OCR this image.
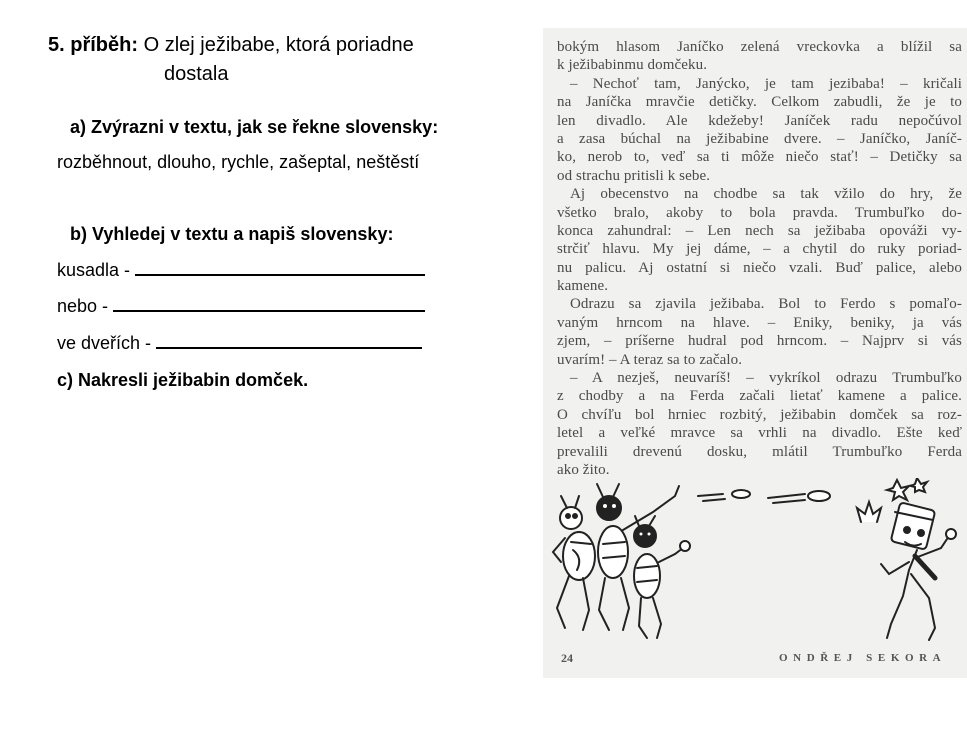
5. příběh: O zlej ježibabe, ktorá poriadne
dostala
a) Zvýrazni v textu, jak se řekne slovensky:
rozběhnout, dlouho, rychle, zašeptal, neštěstí
b) Vyhledej v textu a napiš slovensky:
kusadla -
nebo -
ve dveřích -
c) Nakresli ježibabin domček.
bokým hlasom Janíčko zelená vreckovka a blížil sa
k ježibabinmu domčeku.
– Nechoť tam, Janýcko, je tam jezibaba! – kričali
na Janíčka mravčie detičky. Celkom zabudli, že je to
len divadlo. Ale kdežeby! Janíček radu nepočúvol
a zasa búchal na ježibabine dvere. – Janíčko, Janíč-
ko, nerob to, veď sa ti môže niečo stať! – Detičky sa
od strachu pritisli k sebe.
Aj obecenstvo na chodbe sa tak vžilo do hry, že
všetko bralo, akoby to bola pravda. Trumbuľko do-
konca zahundral: – Len nech sa ježibaba opováži vy-
strčiť hlavu. My jej dáme, – a chytil do ruky poriad-
nu palicu. Aj ostatní si niečo vzali. Buď palice, alebo
kamene.
Odrazu sa zjavila ježibaba. Bol to Ferdo s pomaľo-
vaným hrncom na hlave. – Eniky, beniky, ja vás
zjem, – príšerne hudral pod hrncom. – Najprv si vás
uvarím! – A teraz sa to začalo.
– A nezješ, neuvaríš! – vykríkol odrazu Trumbuľko
z chodby a na Ferda začali lietať kamene a palice.
O chvíľu bol hrniec rozbitý, ježibabin domček sa roz-
letel a veľké mravce sa vrhli na divadlo. Ešte keď
prevalili drevenú dosku, mlátil Trumbuľko Ferda
ako žito.
24	ONDŘEJ SEKORA
